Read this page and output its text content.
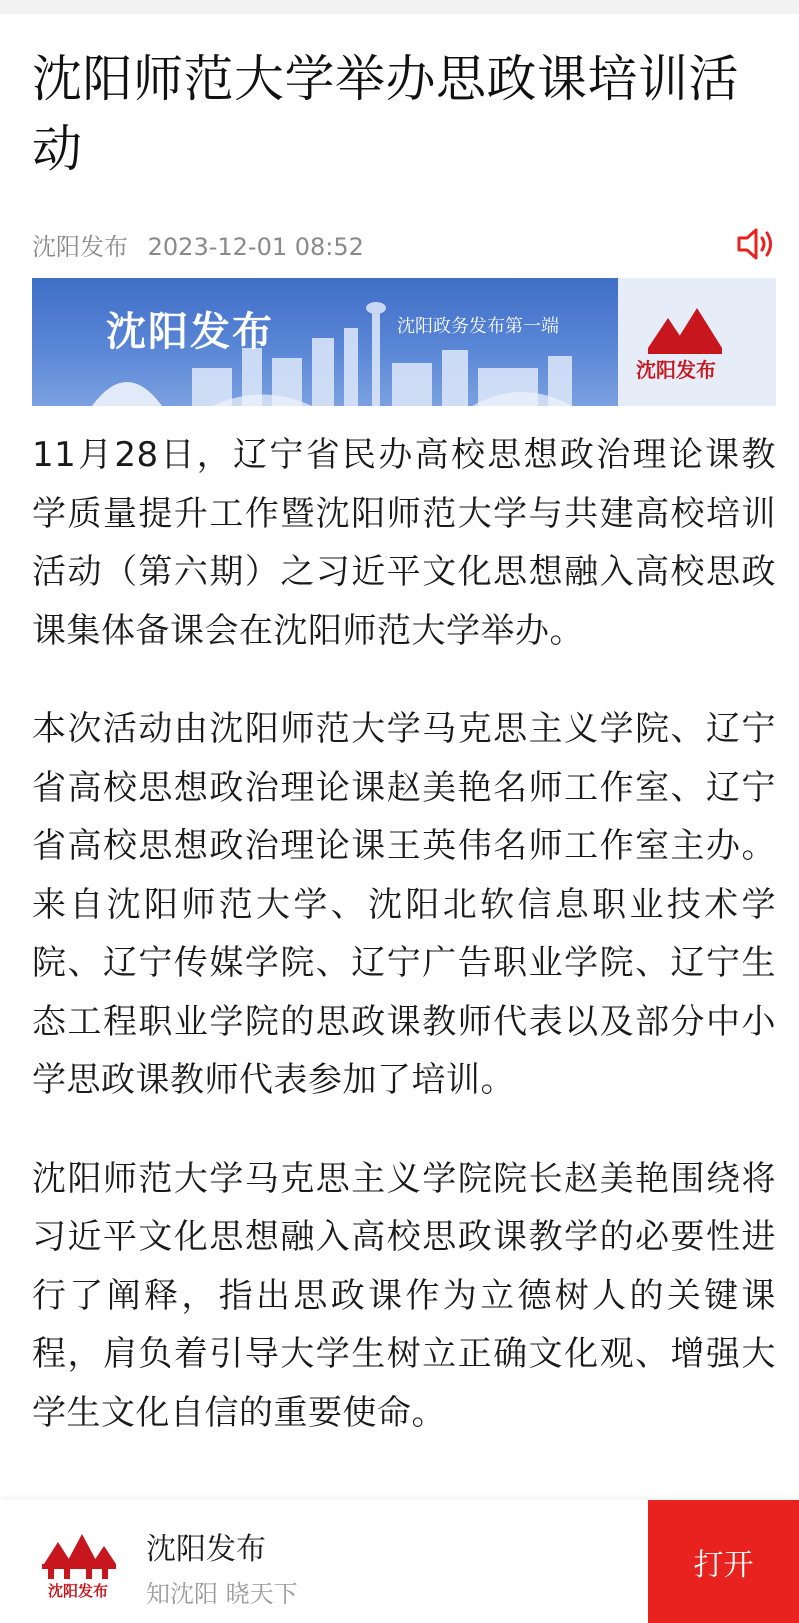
沈阳师范大学举办思政课培训活动
沈阳发布 2023-12-01 08:52
沈阳发布	沈阳政务发布第一端
沈阳发布

11月28日，辽宁省民办高校思想政治理论课教学质量提升工作暨沈阳师范大学与共建高校培训活动（第六期）之习近平文化思想融入高校思政课集体备课会在沈阳师范大学举办。

本次活动由沈阳师范大学马克思主义学院、辽宁省高校思想政治理论课赵美艳名师工作室、辽宁省高校思想政治理论课王英伟名师工作室主办。来自沈阳师范大学、沈阳北软信息职业技术学院、辽宁传媒学院、辽宁广告职业学院、辽宁生态工程职业学院的思政课教师代表以及部分中小学思政课教师代表参加了培训。

沈阳师范大学马克思主义学院院长赵美艳围绕将习近平文化思想融入高校思政课教学的必要性进行了阐释，指出思政课作为立德树人的关键课程，肩负着引导大学生树立正确文化观、增强大学生文化自信的重要使命。

沈阳发布
沈阳发布
知沈阳 晓天下
打开
